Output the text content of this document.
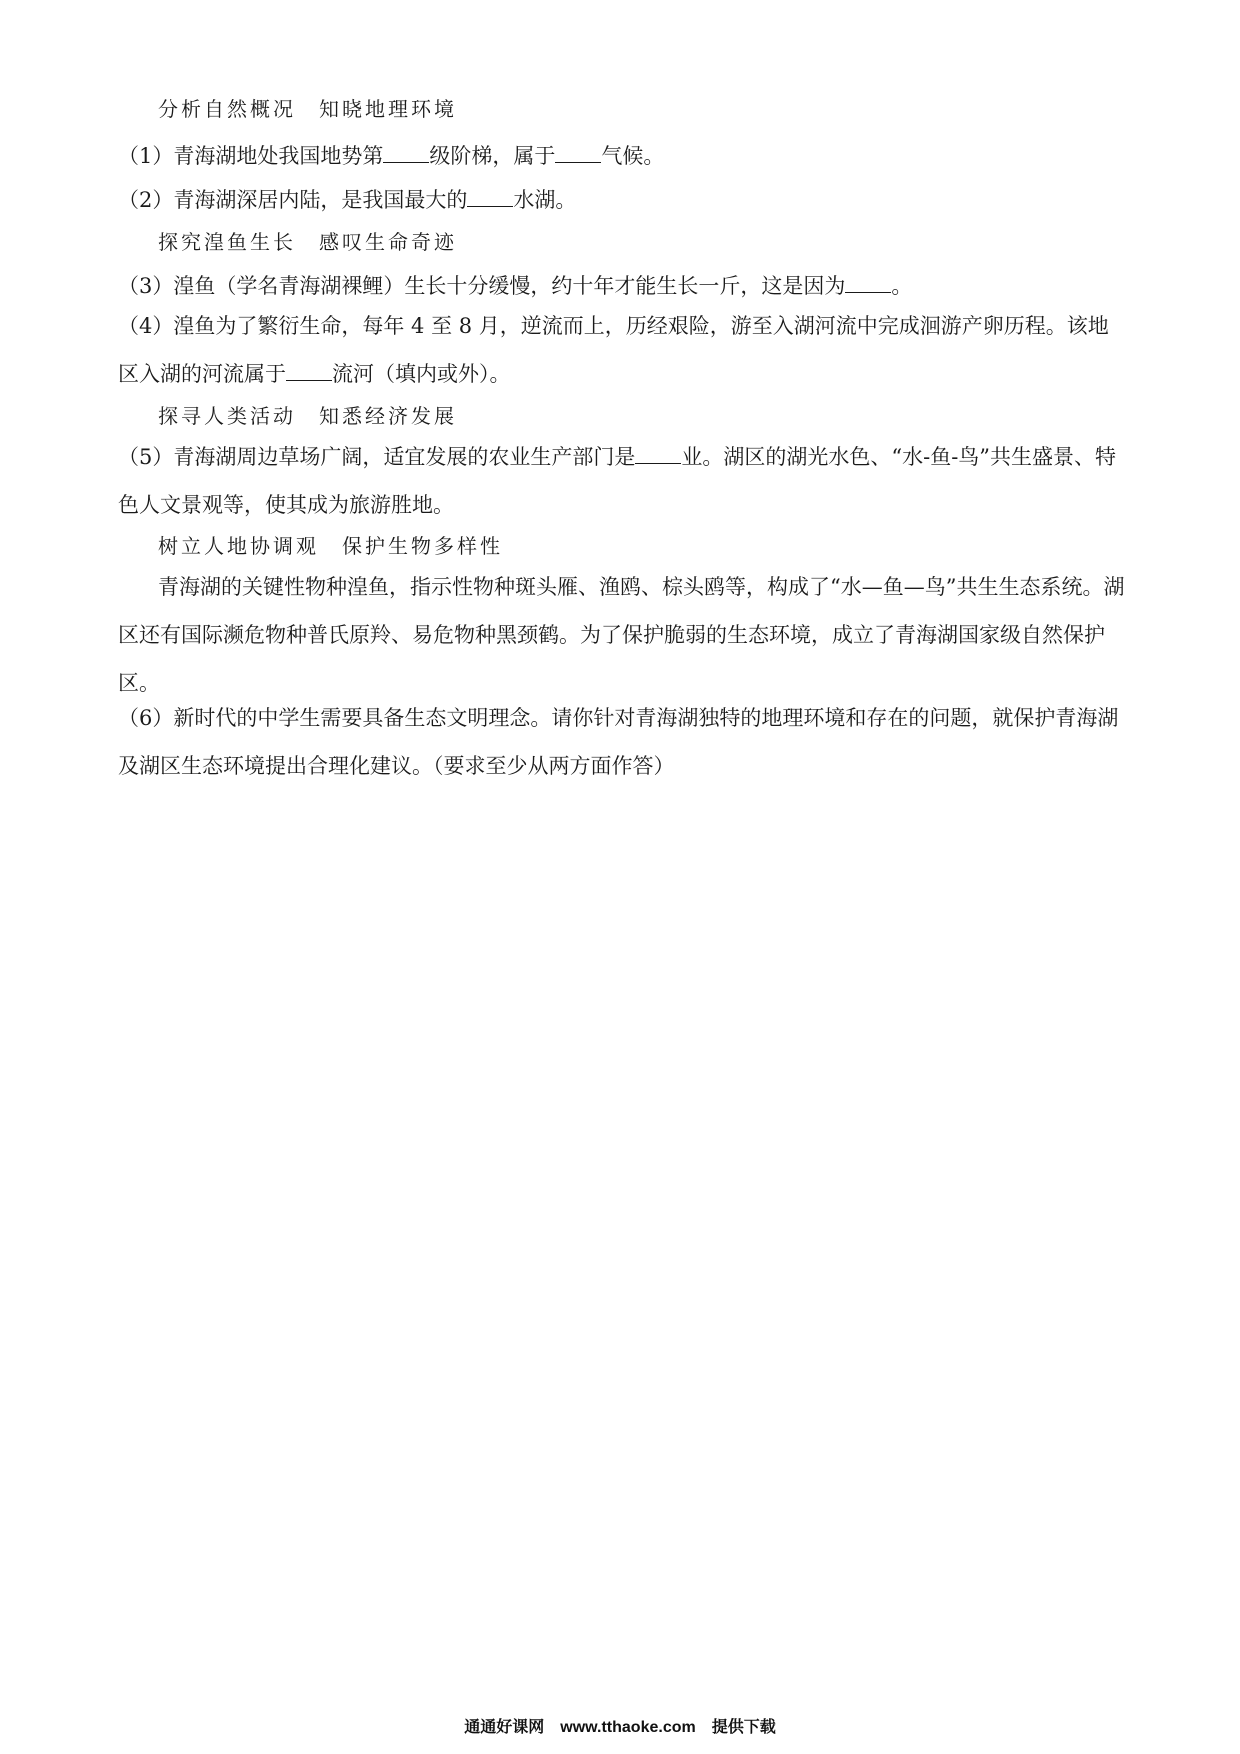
分析自然概况　知晓地理环境
（1）青海湖地处我国地势第 级阶梯，属于 气候。
（2）青海湖深居内陆，是我国最大的 水湖。
探究湟鱼生长　感叹生命奇迹
（3）湟鱼（学名青海湖裸鲤）生长十分缓慢，约十年才能生长一斤，这是因为 。
（4）湟鱼为了繁衍生命，每年 4 至 8 月，逆流而上，历经艰险，游至入湖河流中完成洄游产卵历程。该地区入湖的河流属于 流河（填内或外）。
探寻人类活动　知悉经济发展
（5）青海湖周边草场广阔，适宜发展的农业生产部门是 业。湖区的湖光水色、“水-鱼-鸟”共生盛景、特色人文景观等，使其成为旅游胜地。
树立人地协调观　保护生物多样性
青海湖的关键性物种湟鱼，指示性物种斑头雁、渔鸥、棕头鸥等，构成了“水—鱼—鸟”共生生态系统。湖区还有国际濒危物种普氏原羚、易危物种黑颈鹤。为了保护脆弱的生态环境，成立了青海湖国家级自然保护区。
（6）新时代的中学生需要具备生态文明理念。请你针对青海湖独特的地理环境和存在的问题，就保护青海湖及湖区生态环境提出合理化建议。（要求至少从两方面作答）
通通好课网　www.tthaoke.com　提供下载
